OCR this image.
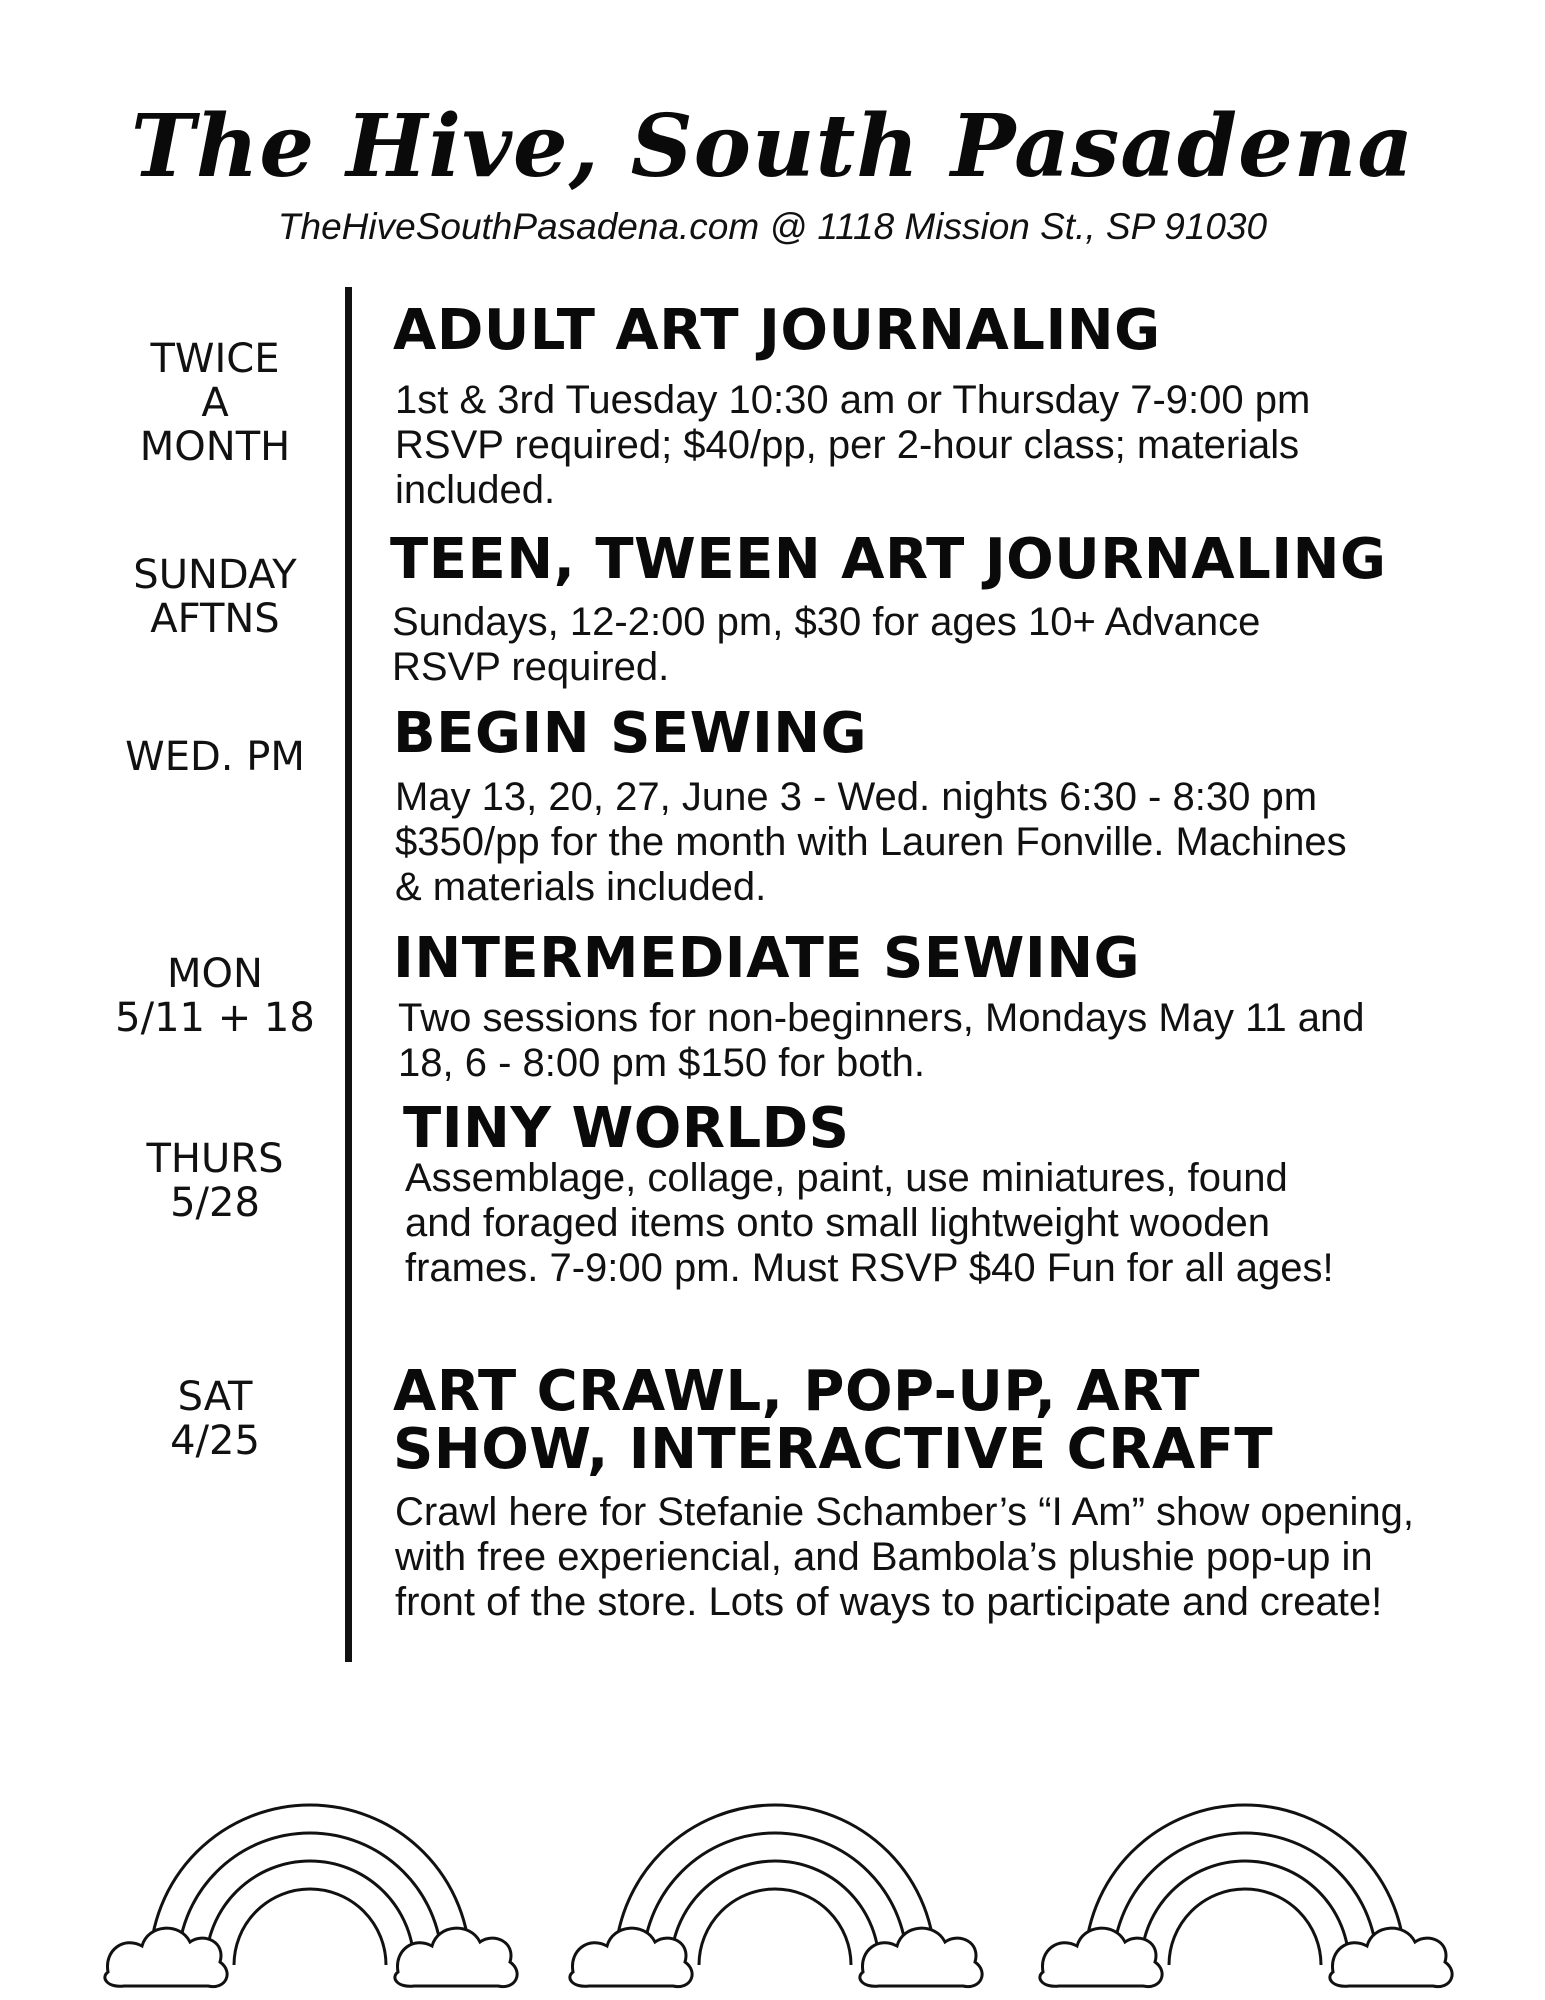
The Hive, South Pasadena
TheHiveSouthPasadena.com @ 1118 Mission St., SP 91030
TWICE
A
MONTH
ADULT ART JOURNALING
1st & 3rd Tuesday 10:30 am or Thursday 7-9:00 pm RSVP required; $40/pp, per 2-hour class; materials included.
SUNDAY
AFTNS
TEEN, TWEEN ART JOURNALING
Sundays, 12-2:00 pm, $30 for ages 10+ Advance RSVP required.
WED. PM	BEGIN SEWING
May 13, 20, 27, June 3 - Wed. nights 6:30 - 8:30 pm $350/pp for the month with Lauren Fonville. Machines & materials included.
MON
5/11 + 18
INTERMEDIATE SEWING
Two sessions for non-beginners, Mondays May 11 and 18, 6 - 8:00 pm $150 for both.
THURS
5/28
TINY WORLDS
Assemblage, collage, paint, use miniatures, found and foraged items onto small lightweight wooden frames. 7-9:00 pm. Must RSVP $40 Fun for all ages!
SAT
4/25
ART CRAWL, POP-UP, ART
SHOW, INTERACTIVE CRAFT
Crawl here for Stefanie Schamber’s “I Am” show opening, with free experiencial, and Bambola’s plushie pop-up in front of the store. Lots of ways to participate and create!
